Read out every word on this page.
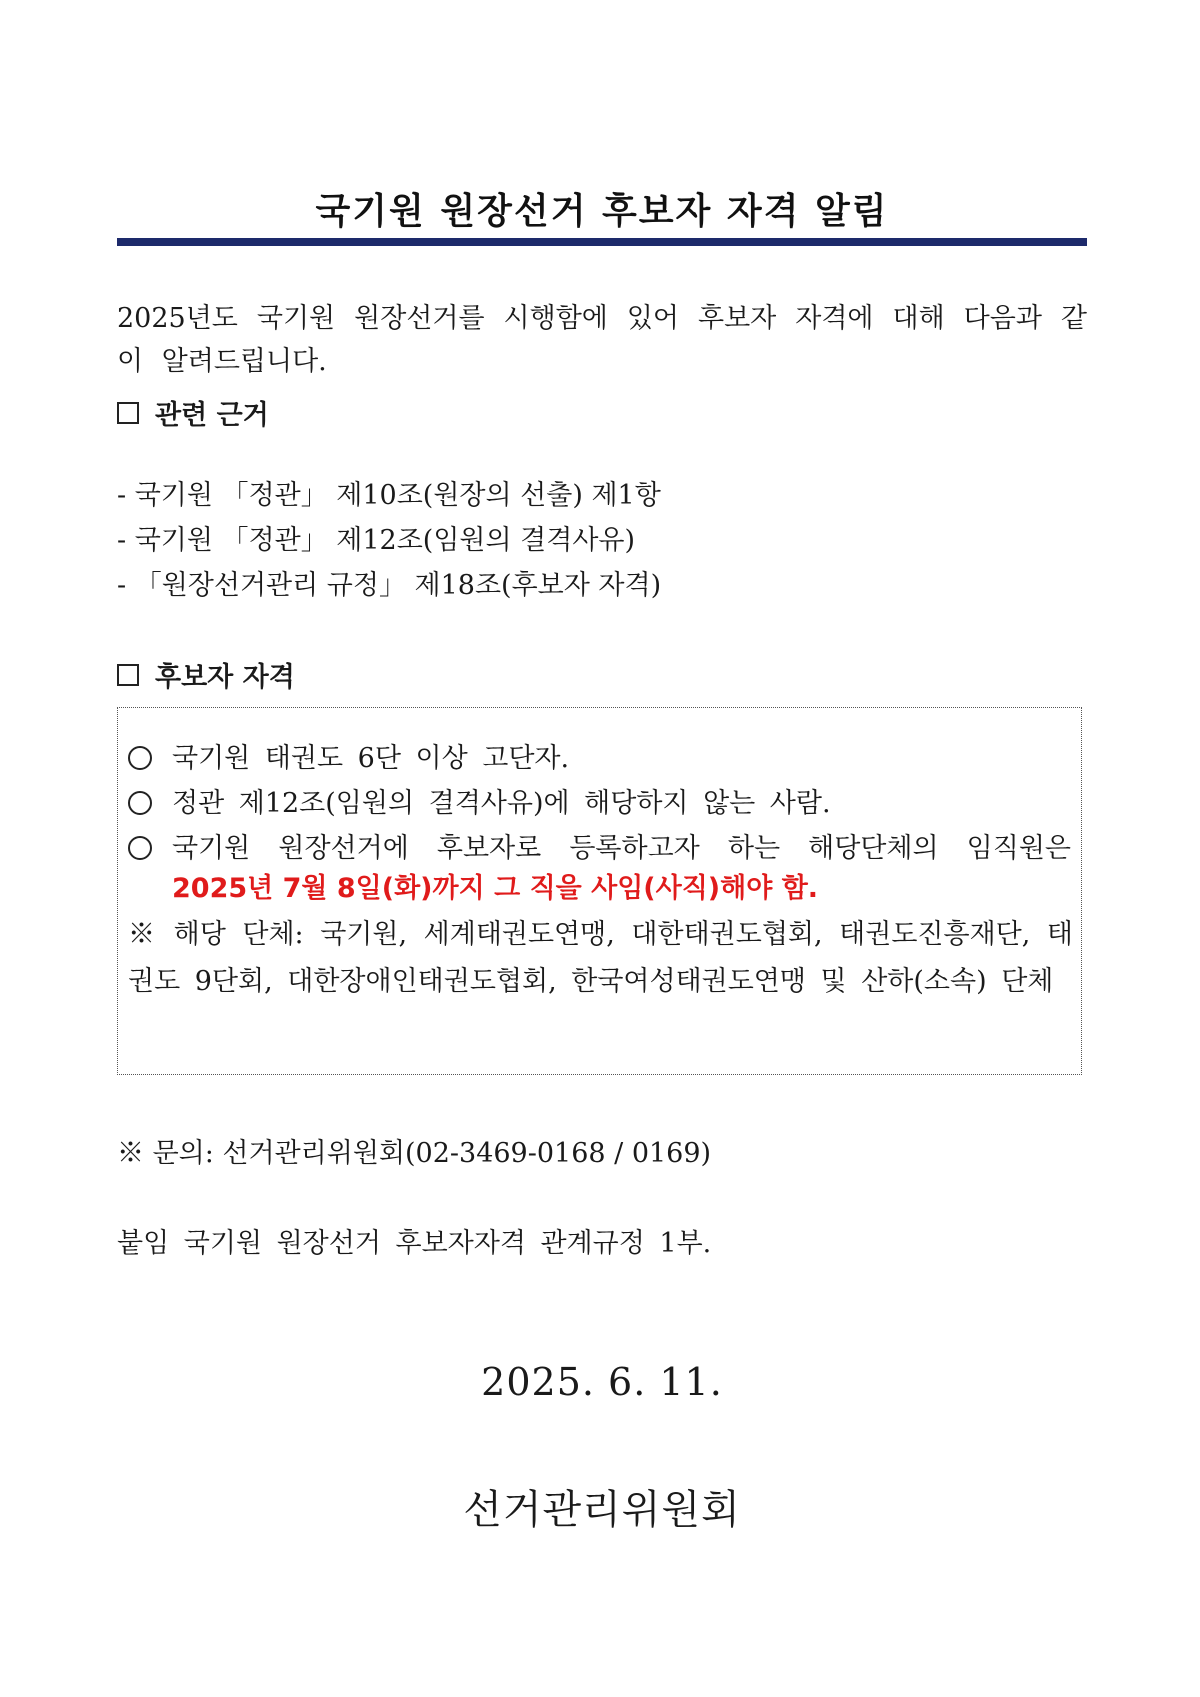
국기원 원장선거 후보자 자격 알림
2025년도 국기원 원장선거를 시행함에 있어 후보자 자격에 대해 다음과 같이 알려드립니다.
관련 근거
- 국기원 「정관」 제10조(원장의 선출) 제1항
- 국기원 「정관」 제12조(임원의 결격사유)
- 「원장선거관리 규정」 제18조(후보자 자격)
후보자 자격
국기원 태권도 6단 이상 고단자.
정관 제12조(임원의 결격사유)에 해당하지 않는 사람.
국기원 원장선거에 후보자로 등록하고자 하는 해당단체의 임직원은
2025년 7월 8일(화)까지 그 직을 사임(사직)해야 함.
※ 해당 단체: 국기원, 세계태권도연맹, 대한태권도협회, 태권도진흥재단, 태권도 9단회, 대한장애인태권도협회, 한국여성태권도연맹 및 산하(소속) 단체
※ 문의: 선거관리위원회(02-3469-0168 / 0169)
붙임 국기원 원장선거 후보자자격 관계규정 1부.
2025. 6. 11.
선거관리위원회
